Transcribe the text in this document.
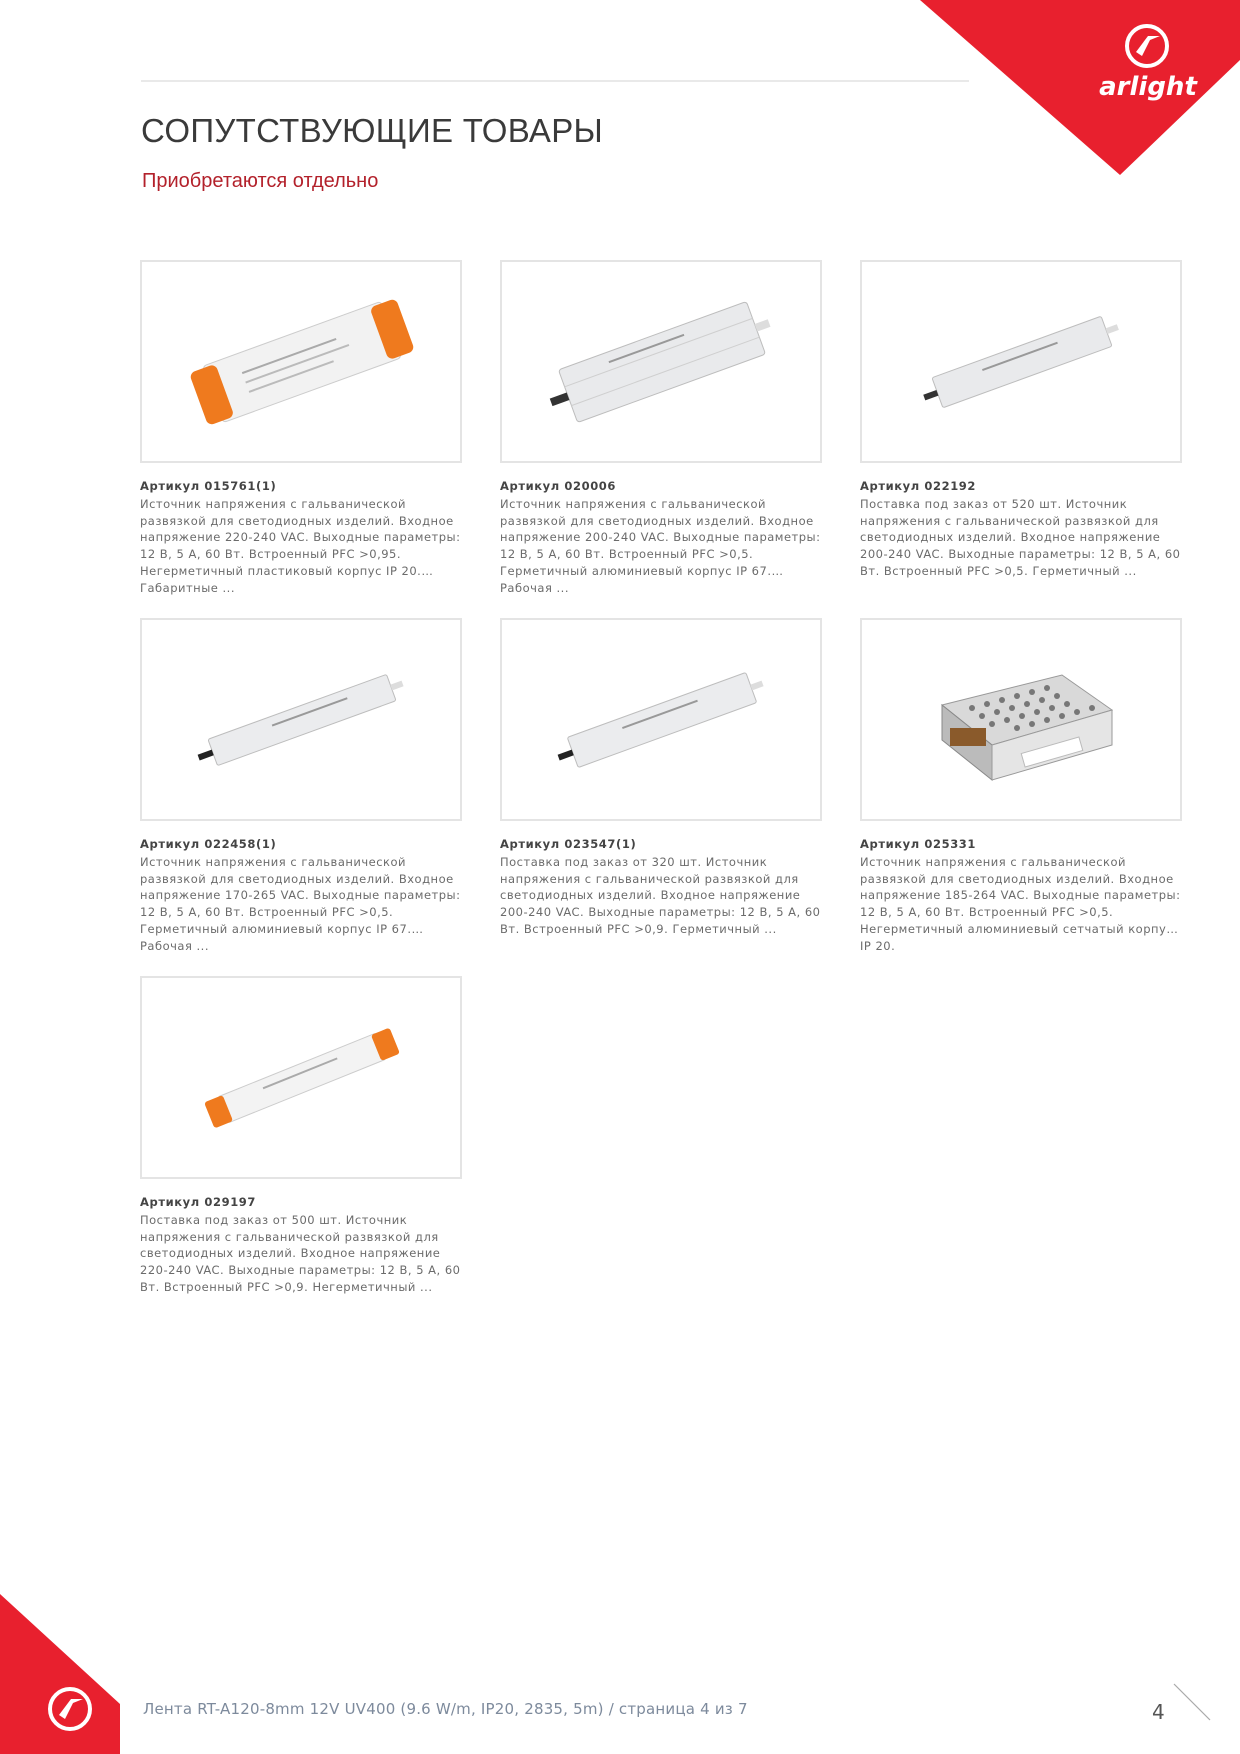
arlight
СОПУТСТВУЮЩИЕ ТОВАРЫ
Приобретаются отдельно
Артикул 015761(1)
Источник напряжения с гальванической развязкой для светодиодных изделий. Входное напряжение 220-240 VAC. Выходные параметры: 12 В, 5 А, 60 Вт. Встроенный PFC >0,95. Негерметичный пластиковый корпус IP 20. Габаритные ...
Артикул 020006
Источник напряжения с гальванической развязкой для светодиодных изделий. Входное напряжение 200-240 VAC. Выходные параметры: 12 В, 5 А, 60 Вт. Встроенный PFC >0,5. Герметичный алюминиевый корпус IP 67. Рабочая ...
Артикул 022192
Поставка под заказ от 520 шт. Источник напряжения с гальванической развязкой для светодиодных изделий. Входное напряжение 200-240 VAC. Выходные параметры: 12 В, 5 А, 60 Вт. Встроенный PFC >0,5. Герметичный ...
Артикул 022458(1)
Источник напряжения с гальванической развязкой для светодиодных изделий. Входное напряжение 170-265 VAC. Выходные параметры: 12 В, 5 А, 60 Вт. Встроенный PFC >0,5. Герметичный алюминиевый корпус IP 67. Рабочая ...
Артикул 023547(1)
Поставка под заказ от 320 шт. Источник напряжения с гальванической развязкой для светодиодных изделий. Входное напряжение 200-240 VAC. Выходные параметры: 12 В, 5 А, 60 Вт. Встроенный PFC >0,9. Герметичный ...
Артикул 025331
Источник напряжения с гальванической развязкой для светодиодных изделий. Входное напряжение 185-264 VAC. Выходные параметры: 12 В, 5 А, 60 Вт. Встроенный PFC >0,5. Негерметичный алюминиевый сетчатый корпус IP 20.
Артикул 029197
Поставка под заказ от 500 шт. Источник напряжения с гальванической развязкой для светодиодных изделий. Входное напряжение 220-240 VAC. Выходные параметры: 12 В, 5 А, 60 Вт. Встроенный PFC >0,9. Негерметичный ...
Лента RT-A120-8mm 12V UV400 (9.6 W/m, IP20, 2835, 5m) / страница 4 из 7	4
